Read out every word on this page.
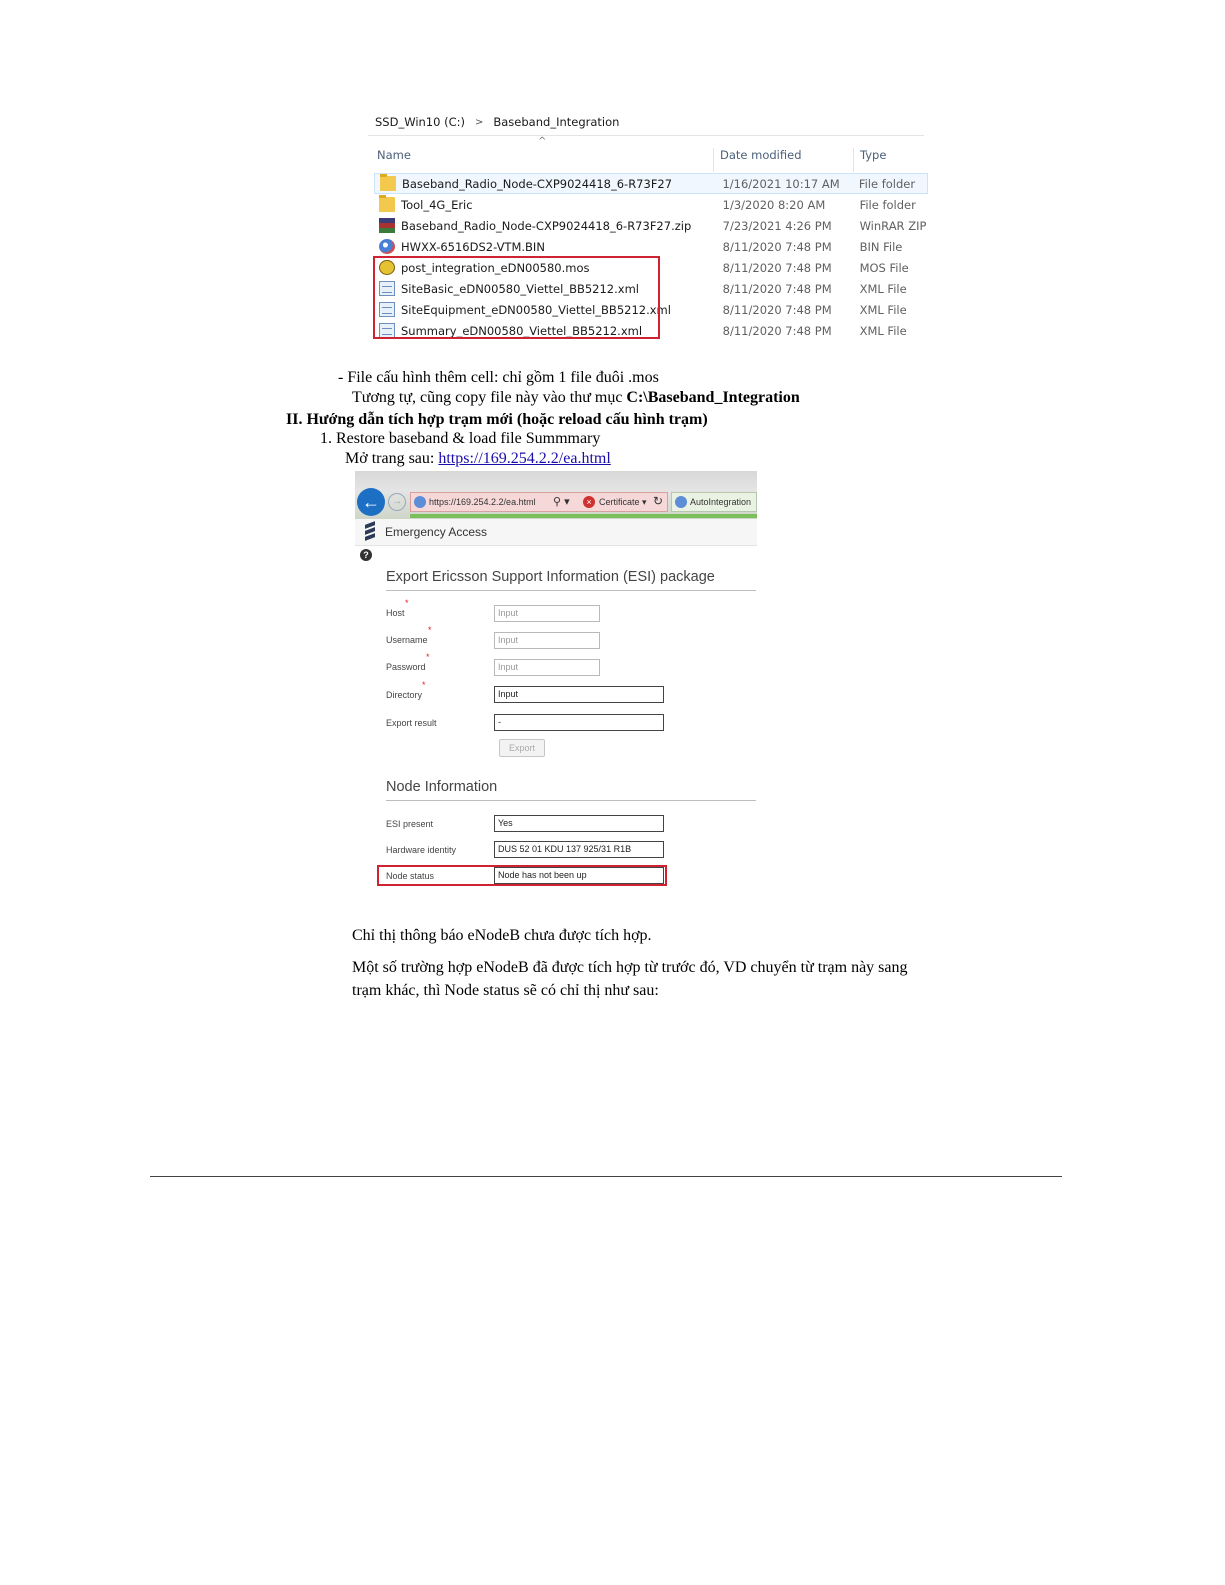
SSD_Win10 (C:) > Baseband_Integration
^
Name	Date modified	Type
Baseband_Radio_Node-CXP9024418_6-R73F27	1/16/2021 10:17 AM	File folder
Tool_4G_Eric	1/3/2020 8:20 AM	File folder
Baseband_Radio_Node-CXP9024418_6-R73F27.zip	7/23/2021 4:26 PM	WinRAR ZIP
HWXX-6516DS2-VTM.BIN	8/11/2020 7:48 PM	BIN File
post_integration_eDN00580.mos	8/11/2020 7:48 PM	MOS File
SiteBasic_eDN00580_Viettel_BB5212.xml	8/11/2020 7:48 PM	XML File
SiteEquipment_eDN00580_Viettel_BB5212.xml	8/11/2020 7:48 PM	XML File
Summary_eDN00580_Viettel_BB5212.xml	8/11/2020 7:48 PM	XML File
- File cấu hình thêm cell: chỉ gồm 1 file đuôi .mos
Tương tự, cũng copy file này vào thư mục C:\Baseband_Integration
II. Hướng dẫn tích hợp trạm mới (hoặc reload cấu hình trạm)
1. Restore baseband & load file Summmary
Mở trang sau: https://169.254.2.2/ea.html
←	→	https://169.254.2.2/ea.html ⚲ ▾	× Certificate ▾ ↻	AutoIntegration
Emergency Access
?
Export Ericsson Support Information (ESI) package
Host
*
Input
Username
*
Input
Password
*
Input
Directory
*
Input
Export result	-
Export
Node Information
ESI present	Yes
Hardware identity	DUS 52 01 KDU 137 925/31 R1B
Node status	Node has not been up
Chỉ thị thông báo eNodeB chưa được tích hợp.
Một số trường hợp eNodeB đã được tích hợp từ trước đó, VD chuyển từ trạm này sang
trạm khác, thì Node status sẽ có chỉ thị như sau:
